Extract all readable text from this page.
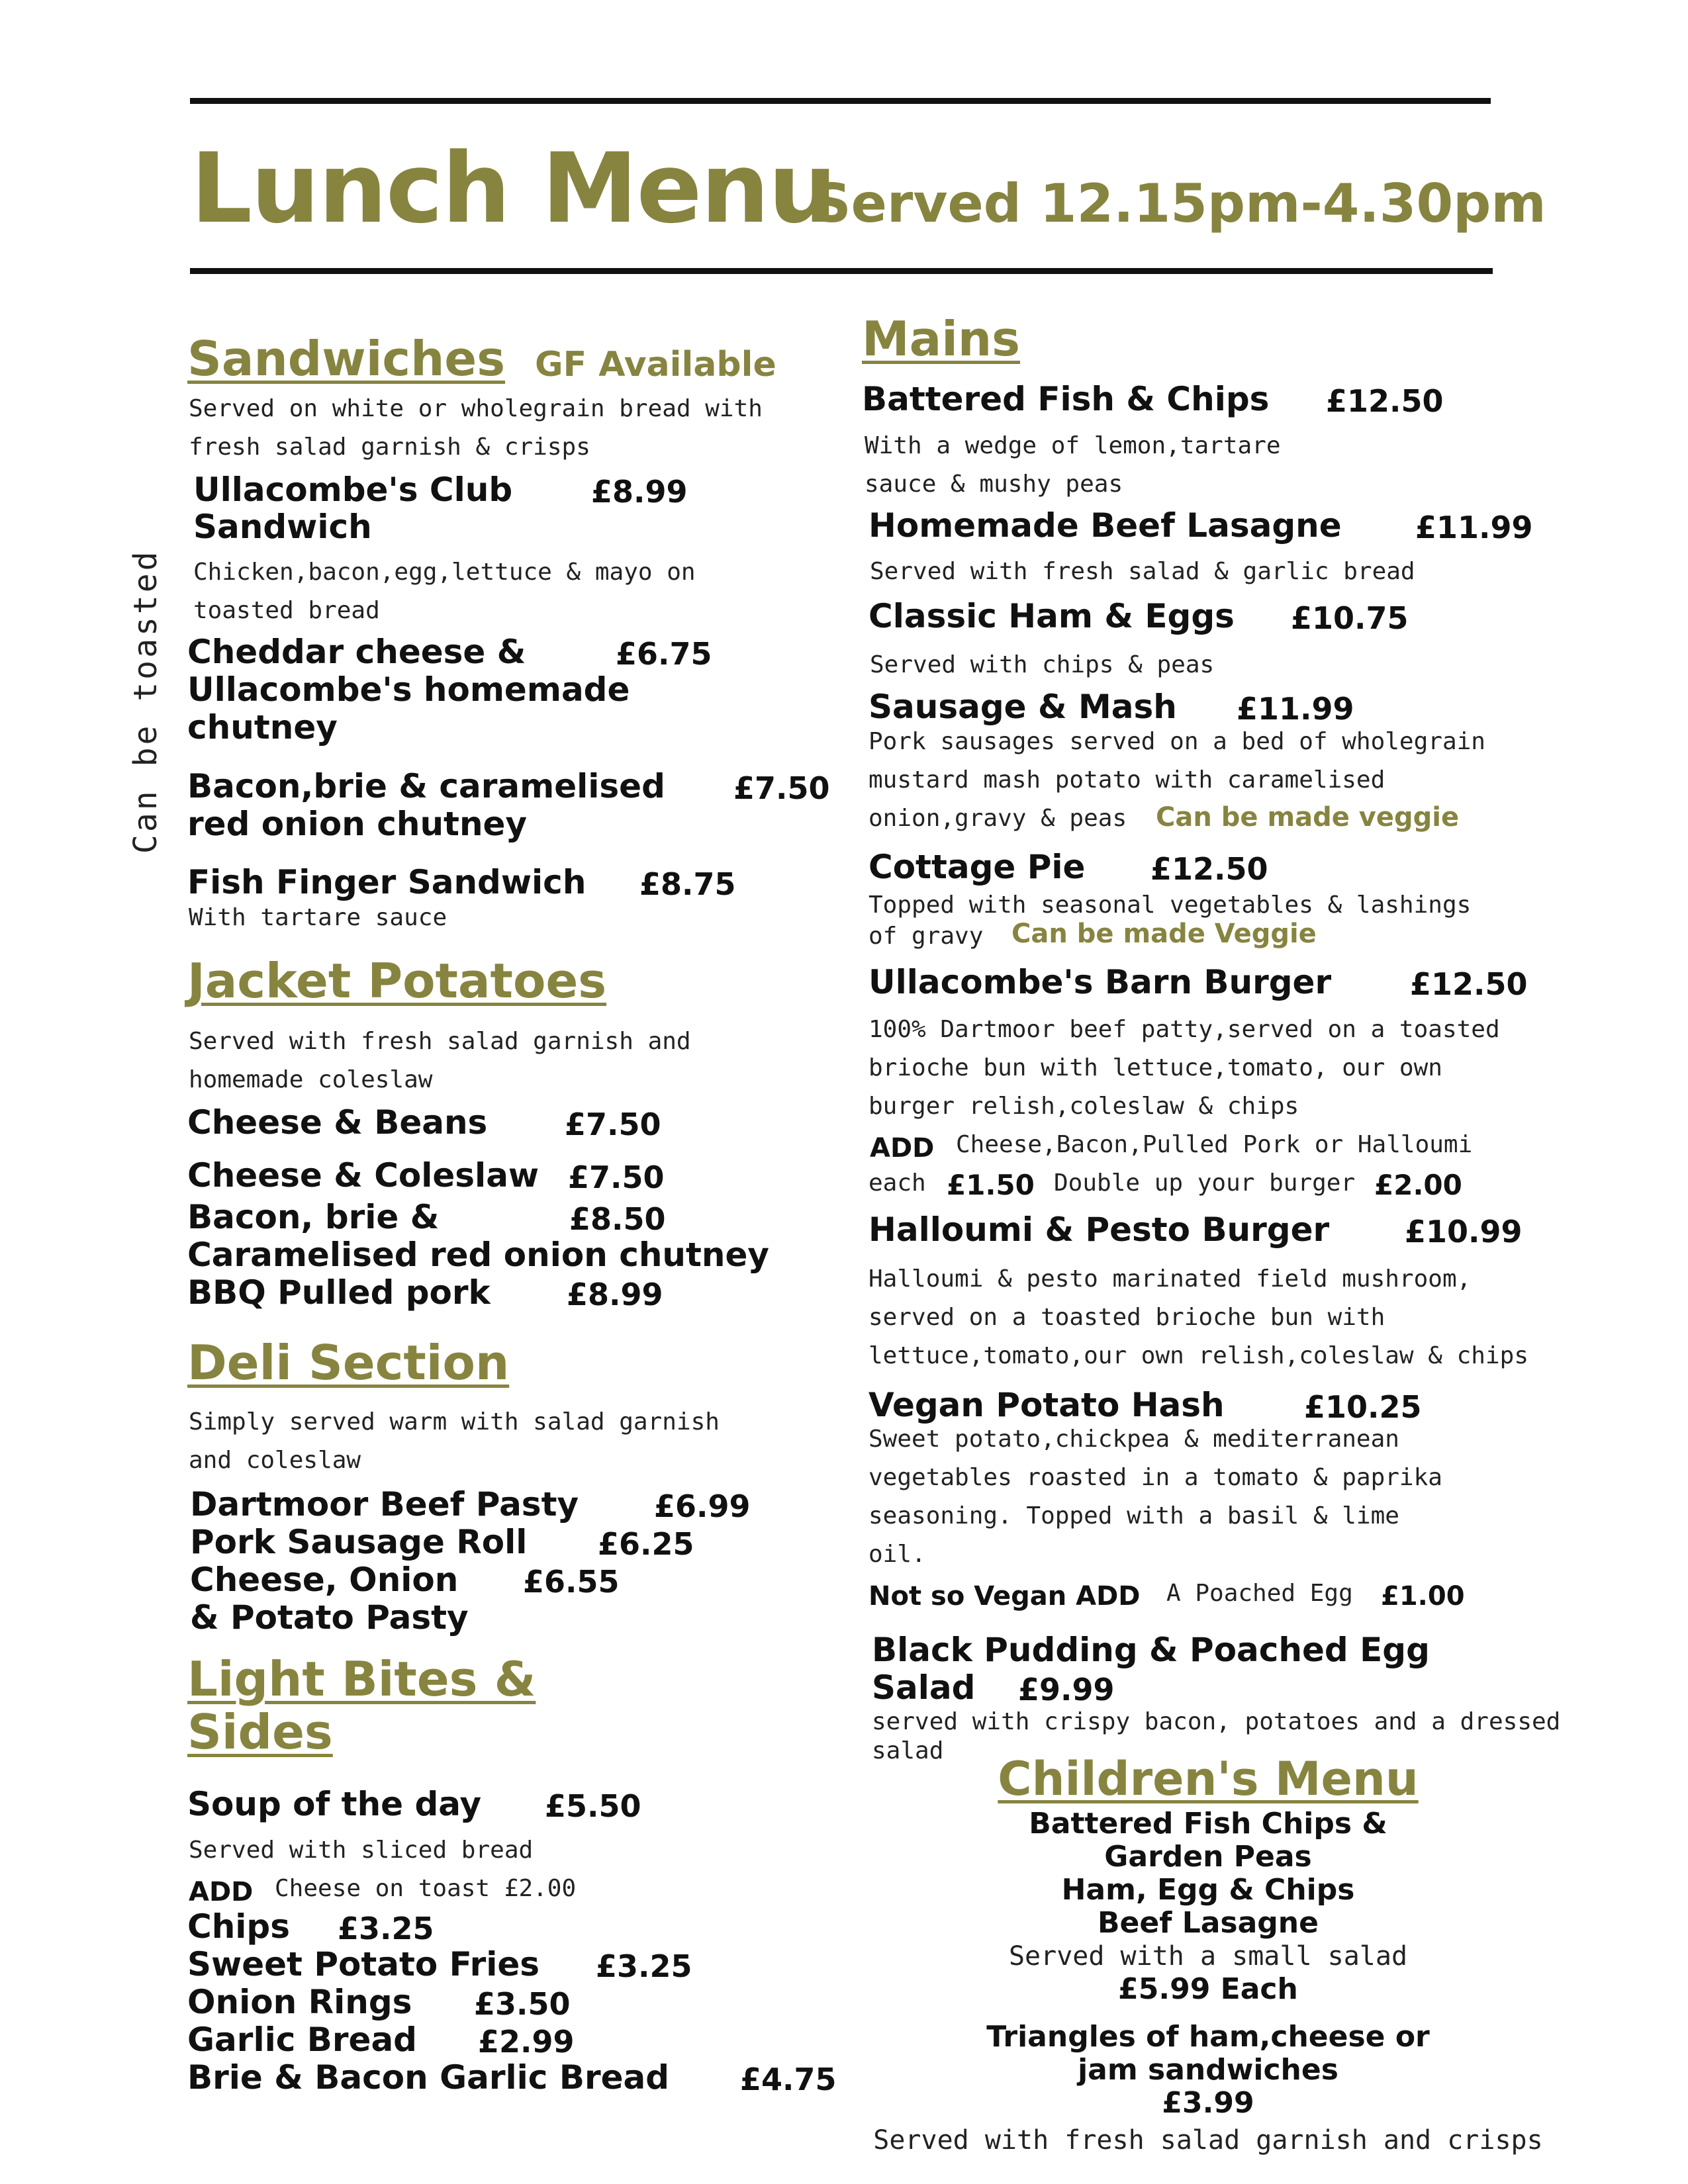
Lunch Menu
Served 12.15pm-4.30pm
Can be toasted
Sandwiches GF Available
Served on white or wholegrain bread with
fresh salad garnish & crisps
Ullacombe's Club	£8.99
Sandwich
Chicken,bacon,egg,lettuce & mayo on
toasted bread
Cheddar cheese &	£6.75
Ullacombe's homemade
chutney
Bacon,brie & caramelised £7.50
red onion chutney
Fish Finger Sandwich £8.75
With tartare sauce
Jacket Potatoes
Served with fresh salad garnish and
homemade coleslaw
Cheese & Beans	£7.50
Cheese & Coleslaw £7.50
Bacon, brie &	£8.50
Caramelised red onion chutney
BBQ Pulled pork	£8.99
Deli Section
Simply served warm with salad garnish
and coleslaw
Dartmoor Beef Pasty £6.99
Pork Sausage Roll £6.25
Cheese, Onion £6.55
& Potato Pasty
Light Bites &
Sides
Soup of the day £5.50
Served with sliced bread
ADD Cheese on toast £2.00
Chips £3.25
Sweet Potato Fries £3.25
Onion Rings £3.50
Garlic Bread £2.99
Brie & Bacon Garlic Bread £4.75
Mains
Battered Fish & Chips £12.50
With a wedge of lemon,tartare
sauce & mushy peas
Homemade Beef Lasagne £11.99
Served with fresh salad & garlic bread
Classic Ham & Eggs £10.75
Served with chips & peas
Sausage & Mash £11.99
Pork sausages served on a bed of wholegrain
mustard mash potato with caramelised
onion,gravy & peas Can be made veggie
Cottage Pie £12.50
Topped with seasonal vegetables & lashings
of gravy Can be made Veggie
Ullacombe's Barn Burger	£12.50
100% Dartmoor beef patty,served on a toasted
brioche bun with lettuce,tomato, our own
burger relish,coleslaw & chips
ADD Cheese,Bacon,Pulled Pork or Halloumi
each £1.50 Double up your burger £2.00
Halloumi & Pesto Burger £10.99
Halloumi & pesto marinated field mushroom,
served on a toasted brioche bun with
lettuce,tomato,our own relish,coleslaw & chips
Vegan Potato Hash	£10.25
Sweet potato,chickpea & mediterranean
vegetables roasted in a tomato & paprika
seasoning. Topped with a basil & lime
oil.
Not so Vegan ADD A Poached Egg £1.00
Black Pudding & Poached Egg
Salad £9.99
served with crispy bacon, potatoes and a dressed
salad
Children's Menu
Battered Fish Chips &
Garden Peas
Ham, Egg & Chips
Beef Lasagne
Served with a small salad
£5.99 Each
Triangles of ham,cheese or
jam sandwiches
£3.99
Served with fresh salad garnish and crisps
